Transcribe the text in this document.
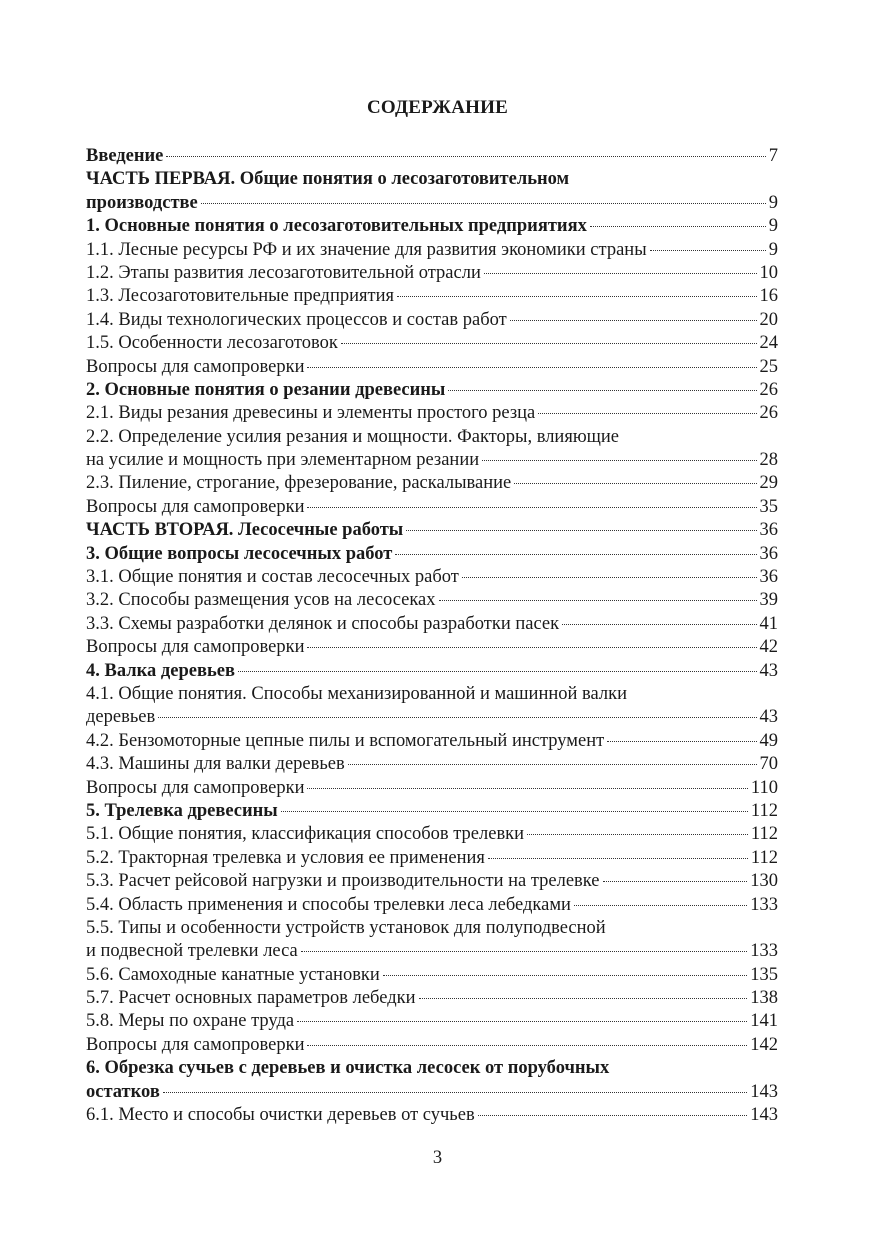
СОДЕРЖАНИЕ
Введение	7
ЧАСТЬ ПЕРВАЯ. Общие понятия о лесозаготовительном
производстве	9
1. Основные понятия о лесозаготовительных предприятиях	9
1.1. Лесные ресурсы РФ и их значение для развития экономики страны	9
1.2. Этапы развития лесозаготовительной отрасли	10
1.3. Лесозаготовительные предприятия	16
1.4. Виды технологических процессов и состав работ	20
1.5. Особенности лесозаготовок	24
Вопросы для самопроверки	25
2. Основные понятия о резании древесины	26
2.1. Виды резания древесины и элементы простого резца	26
2.2. Определение усилия резания и мощности. Факторы, влияющие
на усилие и мощность при элементарном резании	28
2.3. Пиление, строгание, фрезерование, раскалывание	29
Вопросы для самопроверки	35
ЧАСТЬ ВТОРАЯ. Лесосечные работы	36
3. Общие вопросы лесосечных работ	36
3.1. Общие понятия и состав лесосечных работ	36
3.2. Способы размещения усов на лесосеках	39
3.3. Схемы разработки делянок и способы разработки пасек	41
Вопросы для самопроверки	42
4. Валка деревьев	43
4.1. Общие понятия. Способы механизированной и машинной валки
деревьев	43
4.2. Бензомоторные цепные пилы и вспомогательный инструмент	49
4.3. Машины для валки деревьев	70
Вопросы для самопроверки	110
5. Трелевка древесины	112
5.1. Общие понятия, классификация способов трелевки	112
5.2. Тракторная трелевка и условия ее применения	112
5.3. Расчет рейсовой нагрузки и производительности на трелевке	130
5.4. Область применения и способы трелевки леса лебедками	133
5.5. Типы и особенности устройств установок для полуподвесной
и подвесной трелевки леса	133
5.6. Самоходные канатные установки	135
5.7. Расчет основных параметров лебедки	138
5.8. Меры по охране труда	141
Вопросы для самопроверки	142
6. Обрезка сучьев с деревьев и очистка лесосек от порубочных
остатков	143
6.1. Место и способы очистки деревьев от сучьев	143
3
